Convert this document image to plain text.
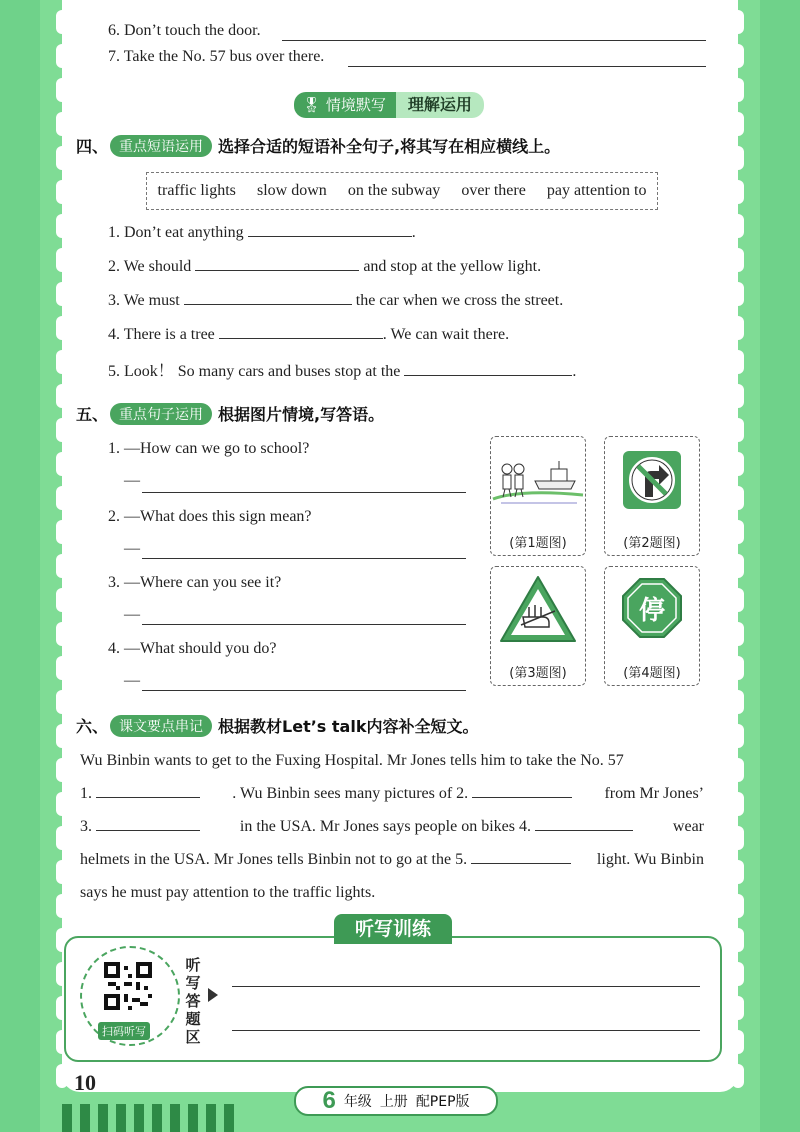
6. Don’t touch the door.
7. Take the No. 57 bus over there.
🎖 情境默写	理解运用
四、 重点短语运用 选择合适的短语补全句子,将其写在相应横线上。
traffic lights slow down on the subway over there pay attention to
1. Don’t eat anything	.
2. We should	and stop at the yellow light.
3. We must	the car when we cross the street.
4. There is a tree	. We can wait there.
5. Look！ So many cars and buses stop at the	.
五、 重点句子运用 根据图片情境,写答语。
1. —How can we go to school?
—
2. —What does this sign mean?
—
3. —Where can you see it?
—
4. —What should you do?
—
(第1题图)	(第2题图)
(第3题图)
停
(第4题图)
六、 课文要点串记 根据教材Let’s talk内容补全短文。
Wu Binbin wants to get to the Fuxing Hospital. Mr Jones tells him to take the No. 57
1.	. Wu Binbin sees many pictures of 2.	from Mr Jones’
3.	in the USA. Mr Jones says people on bikes 4.	wear
helmets in the USA. Mr Jones tells Binbin not to go at the 5.	light. Wu Binbin
says he must pay attention to the traffic lights.
听写训练
扫码听写
听
写
答
题
区
10
6 年级 上册 配PEP版
